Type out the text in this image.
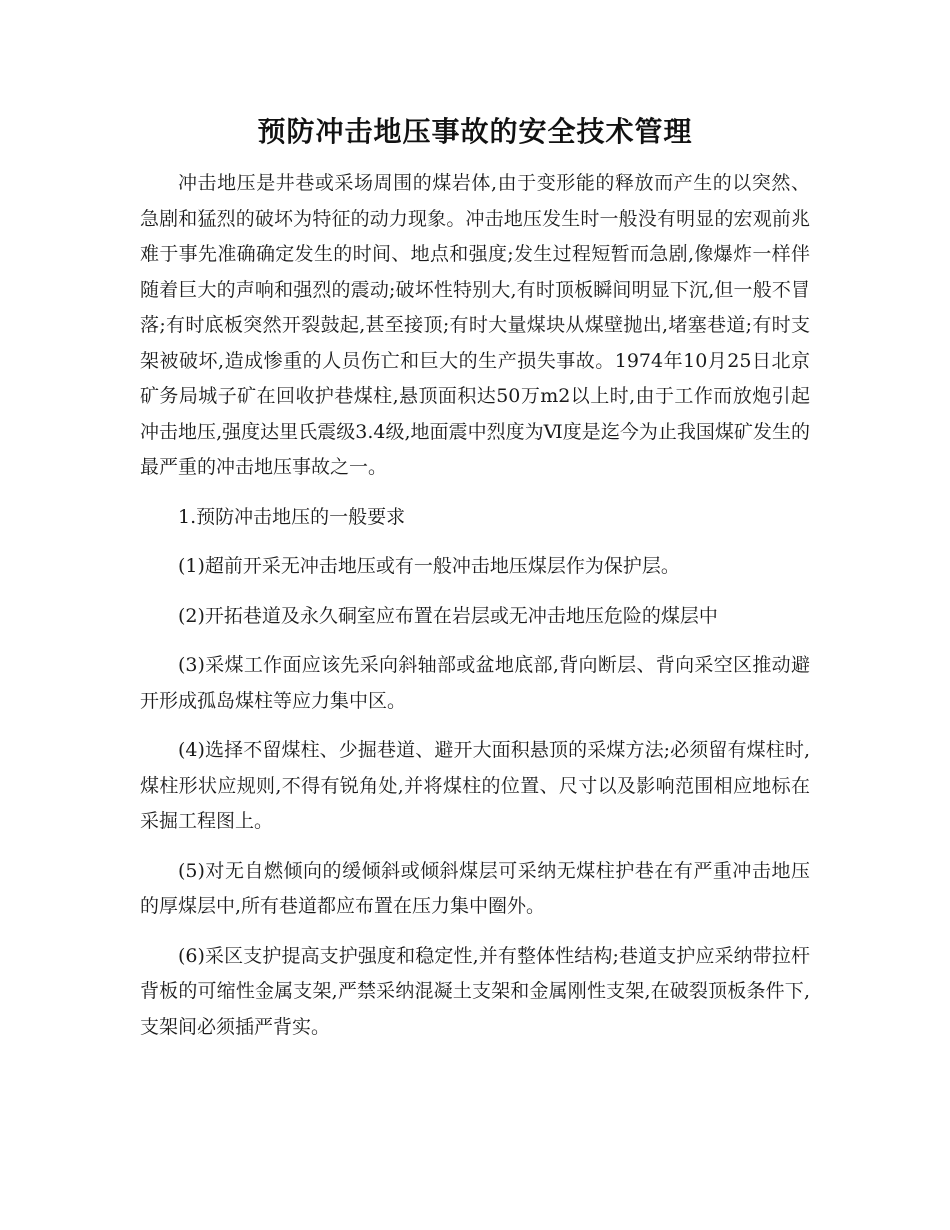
预防冲击地压事故的安全技术管理

冲击地压是井巷或采场周围的煤岩体,由于变形能的释放而产生的以突然、急剧和猛烈的破坏为特征的动力现象。冲击地压发生时一般没有明显的宏观前兆难于事先准确确定发生的时间、地点和强度;发生过程短暂而急剧,像爆炸一样伴随着巨大的声响和强烈的震动;破坏性特别大,有时顶板瞬间明显下沉,但一般不冒落;有时底板突然开裂鼓起,甚至接顶;有时大量煤块从煤壁抛出,堵塞巷道;有时支架被破坏,造成惨重的人员伤亡和巨大的生产损失事故。1974年10月25日北京矿务局城子矿在回收护巷煤柱,悬顶面积达50万m2以上时,由于工作而放炮引起冲击地压,强度达里氏震级3.4级,地面震中烈度为Ⅵ度是迄今为止我国煤矿发生的最严重的冲击地压事故之一。

1.预防冲击地压的一般要求

(1)超前开采无冲击地压或有一般冲击地压煤层作为保护层。

(2)开拓巷道及永久硐室应布置在岩层或无冲击地压危险的煤层中

(3)采煤工作面应该先采向斜轴部或盆地底部,背向断层、背向采空区推动避开形成孤岛煤柱等应力集中区。

(4)选择不留煤柱、少掘巷道、避开大面积悬顶的采煤方法;必须留有煤柱时,煤柱形状应规则,不得有锐角处,并将煤柱的位置、尺寸以及影响范围相应地标在采掘工程图上。

(5)对无自燃倾向的缓倾斜或倾斜煤层可采纳无煤柱护巷在有严重冲击地压的厚煤层中,所有巷道都应布置在压力集中圈外。

(6)采区支护提高支护强度和稳定性,并有整体性结构;巷道支护应采纳带拉杆背板的可缩性金属支架,严禁采纳混凝土支架和金属刚性支架,在破裂顶板条件下,支架间必须插严背实。
